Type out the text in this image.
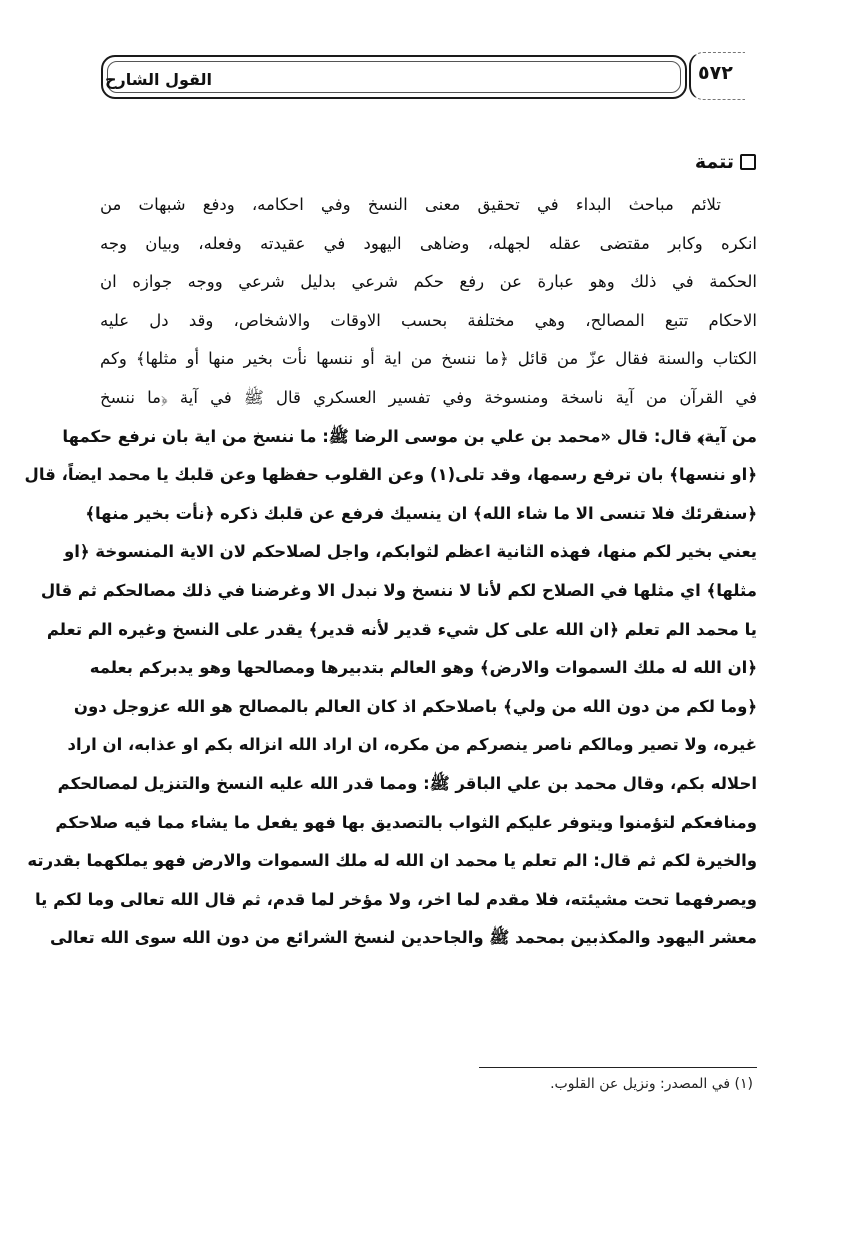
القول الشارح	٥٧٢
تتمة
تلائم مباحث البداء في تحقيق معنى النسخ وفي احكامه، ودفع شبهات من
انكره وكابر مقتضى عقله لجهله، وضاهى اليهود في عقيدته وفعله، وبيان وجه
الحكمة في ذلك وهو عبارة عن رفع حكم شرعي بدليل شرعي ووجه جوازه ان
الاحكام تتبع المصالح، وهي مختلفة بحسب الاوقات والاشخاص، وقد دل عليه
الكتاب والسنة فقال عزّ من قائل ﴿ما ننسخ من اية أو ننسها نأت بخير منها أو مثلها﴾ وكم
في القرآن من آية ناسخة ومنسوخة وفي تفسير العسكري قال ﷺ في آية ﴿ما ننسخ
من آية﴾ قال: قال «محمد بن علي بن موسى الرضا ﷺ: ما ننسخ من اية بان نرفع حكمها
﴿او ننسها﴾ بان ترفع رسمها، وقد تلى(١) وعن القلوب حفظها وعن قلبك يا محمد ايضاً، قال
﴿سنقرئك فلا تنسى الا ما شاء الله﴾ ان ينسيك فرفع عن قلبك ذكره ﴿نأت بخير منها﴾
يعني بخير لكم منها، فهذه الثانية اعظم لثوابكم، واجل لصلاحكم لان الاية المنسوخة ﴿او
مثلها﴾ اي مثلها في الصلاح لكم لأنا لا ننسخ ولا نبدل الا وغرضنا في ذلك مصالحكم ثم قال
يا محمد الم تعلم ﴿ان الله على كل شيء قدير لأنه قدير﴾ يقدر على النسخ وغيره الم تعلم
﴿ان الله له ملك السموات والارض﴾ وهو العالم بتدبيرها ومصالحها وهو يدبركم بعلمه
﴿وما لكم من دون الله من ولي﴾ باصلاحكم اذ كان العالم بالمصالح هو الله عزوجل دون
غيره، ولا تصير ومالكم ناصر ينصركم من مكره، ان اراد الله انزاله بكم او عذابه، ان اراد
احلاله بكم، وقال محمد بن علي الباقر ﷺ: ومما قدر الله عليه النسخ والتنزيل لمصالحكم
ومنافعكم لتؤمنوا ويتوفر عليكم الثواب بالتصديق بها فهو يفعل ما يشاء مما فيه صلاحكم
والخيرة لكم ثم قال: الم تعلم يا محمد ان الله له ملك السموات والارض فهو يملكهما بقدرته
ويصرفهما تحت مشيئته، فلا مقدم لما اخر، ولا مؤخر لما قدم، ثم قال الله تعالى وما لكم يا
معشر اليهود والمكذبين بمحمد ﷺ والجاحدين لنسخ الشرائع من دون الله سوى الله تعالى
(١) في المصدر: ونزيل عن القلوب.
